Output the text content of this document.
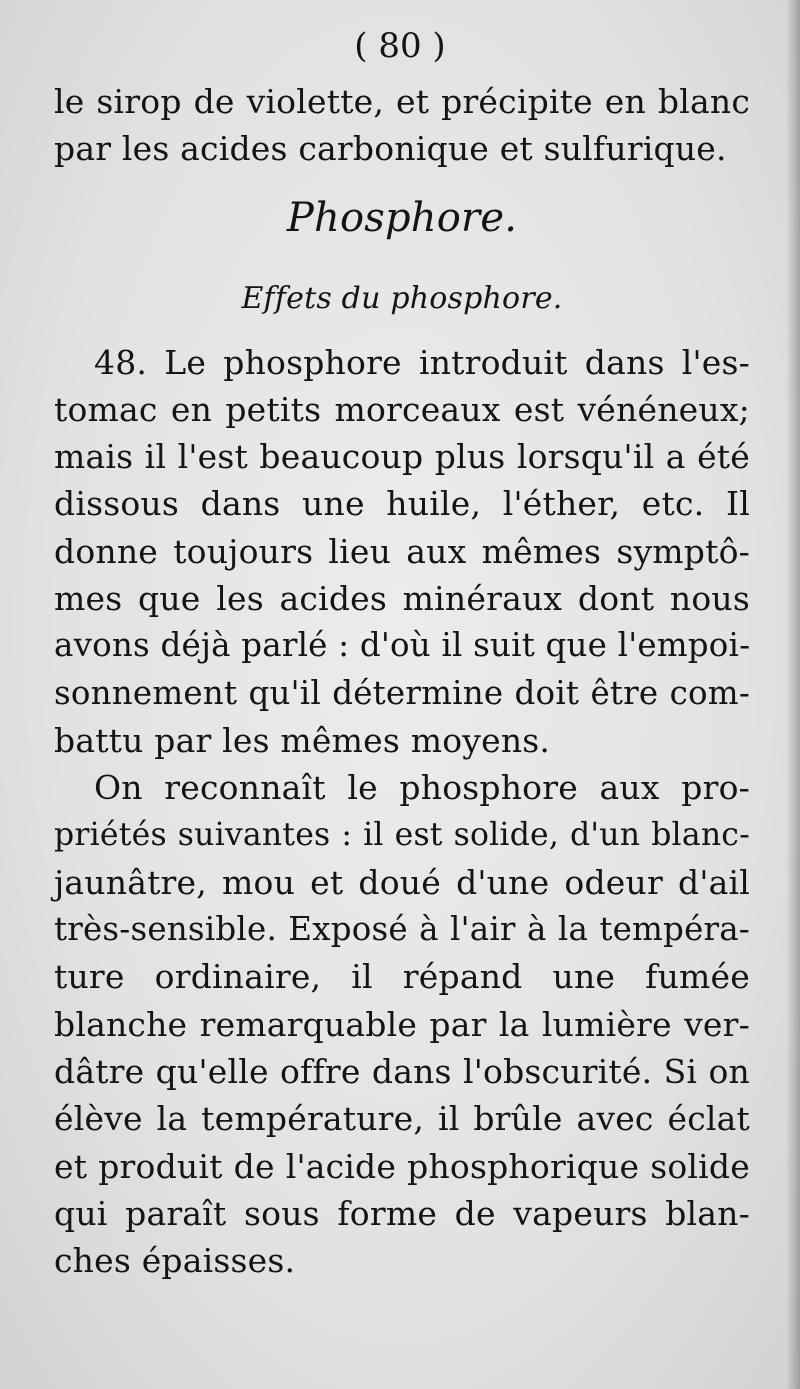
( 80 )
le sirop de violette, et précipite en blanc
par les acides carbonique et sulfurique.
Phosphore.
Effets du phosphore.
48. Le phosphore introduit dans l'es-
tomac en petits morceaux est vénéneux;
mais il l'est beaucoup plus lorsqu'il a été
dissous dans une huile, l'éther, etc. Il
donne toujours lieu aux mêmes symptô-
mes que les acides minéraux dont nous
avons déjà parlé : d'où il suit que l'empoi-
sonnement qu'il détermine doit être com-
battu par les mêmes moyens.
On reconnaît le phosphore aux pro-
priétés suivantes : il est solide, d'un blanc-
jaunâtre, mou et doué d'une odeur d'ail
très-sensible. Exposé à l'air à la tempéra-
ture ordinaire, il répand une fumée
blanche remarquable par la lumière ver-
dâtre qu'elle offre dans l'obscurité. Si on
élève la température, il brûle avec éclat
et produit de l'acide phosphorique solide
qui paraît sous forme de vapeurs blan-
ches épaisses.
